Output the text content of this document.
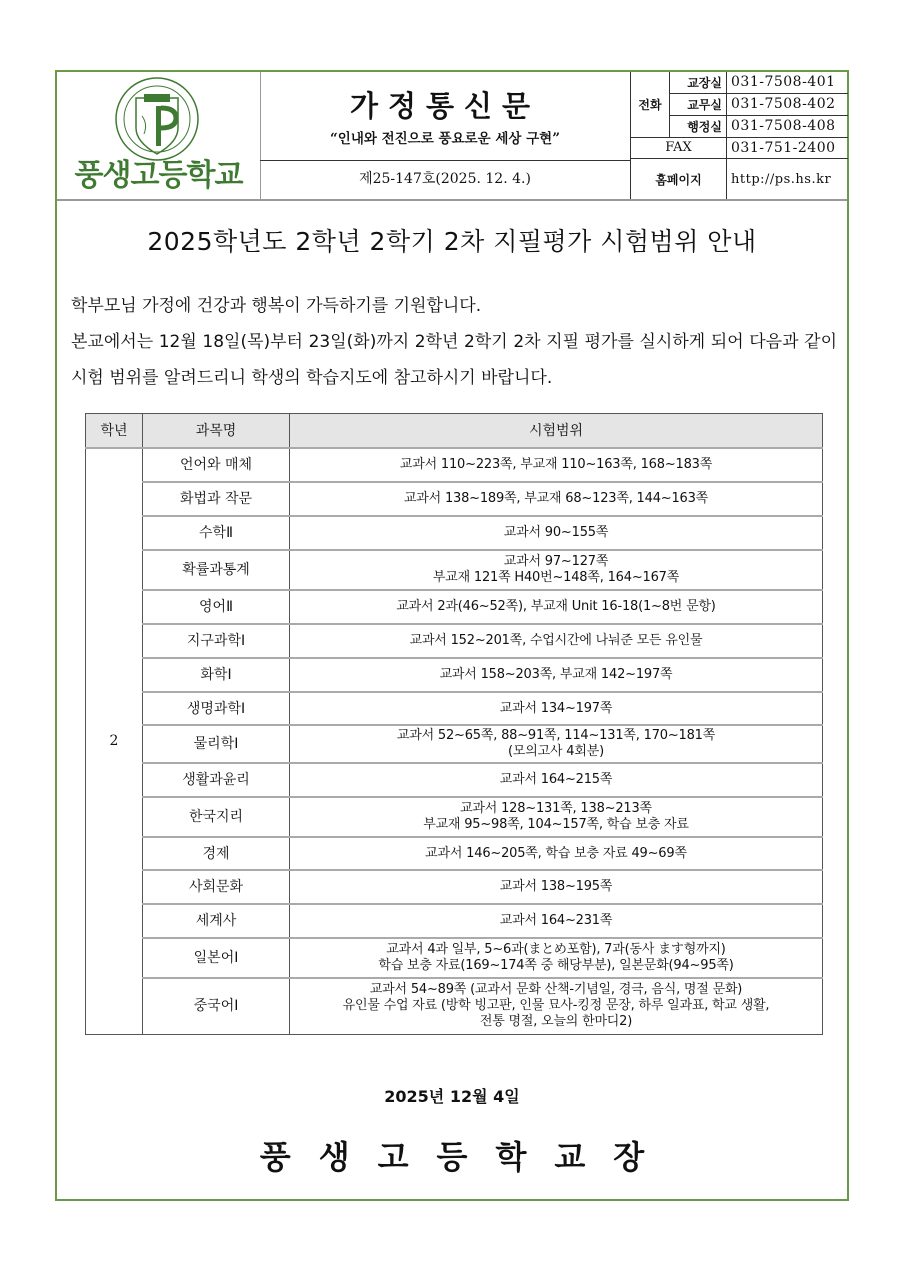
풍생고등학교
가정통신문
“인내와 전진으로 풍요로운 세상 구현”
제25-147호(2025. 12. 4.)
전화	교장실	031-7508-401
	교무실	031-7508-402
	행정실	031-7508-408
FAX		031-751-2400
홈페이지		http://ps.hs.kr
2025학년도 2학년 2학기 2차 지필평가 시험범위 안내

학부모님 가정에 건강과 행복이 가득하기를 기원합니다.

본교에서는 12월 18일(목)부터 23일(화)까지 2학년 2학기 2차 지필 평가를 실시하게 되어 다음과 같이 시험 범위를 알려드리니 학생의 학습지도에 참고하시기 바랍니다.

학년	과목명	시험범위
2	언어와 매체	교과서 110~223쪽, 부교재 110~163쪽, 168~183쪽

	화법과 작문	교과서 138~189쪽, 부교재 68~123쪽, 144~163쪽

	수학Ⅱ	교과서 90~155쪽

	확률과통계	교과서 97~127쪽
부교재 121쪽 H40번~148쪽, 164~167쪽

	영어Ⅱ	교과서 2과(46~52쪽), 부교재 Unit 16-18(1~8번 문항)

	지구과학Ⅰ	교과서 152~201쪽, 수업시간에 나눠준 모든 유인물

	화학Ⅰ	교과서 158~203쪽, 부교재 142~197쪽

	생명과학Ⅰ	교과서 134~197쪽

	물리학Ⅰ	교과서 52~65쪽, 88~91쪽, 114~131쪽, 170~181쪽
(모의고사 4회분)

	생활과윤리	교과서 164~215쪽

	한국지리	교과서 128~131쪽, 138~213쪽
부교재 95~98쪽, 104~157쪽, 학습 보충 자료

	경제	교과서 146~205쪽, 학습 보충 자료 49~69쪽

	사회문화	교과서 138~195쪽

	세계사	교과서 164~231쪽

	일본어Ⅰ	교과서 4과 일부, 5~6과(まとめ포함), 7과(동사 ます형까지)
학습 보충 자료(169~174쪽 중 해당부분), 일본문화(94~95쪽)

	중국어Ⅰ	교과서 54~89쪽 (교과서 문화 산책-기념일, 경극, 음식, 명절 문화)
유인물 수업 자료 (방학 빙고판, 인물 묘사-킹정 문장, 하루 일과표, 학교 생활,
전통 명절, 오늘의 한마디2)
2025년 12월 4일
풍생고등학교장
